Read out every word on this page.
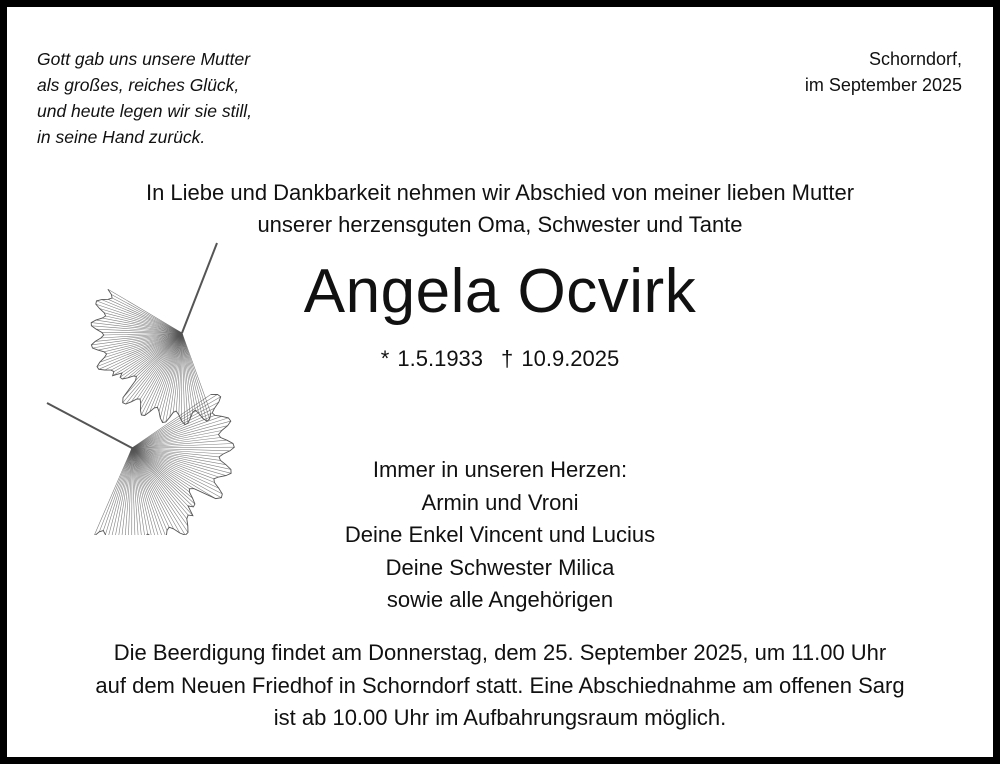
Gott gab uns unsere Mutter
als großes, reiches Glück,
und heute legen wir sie still,
in seine Hand zurück.

Schorndorf,
im September 2025

In Liebe und Dankbarkeit nehmen wir Abschied von meiner lieben Mutter
unserer herzensguten Oma, Schwester und Tante

Angela Ocvirk

* 1.5.1933 † 10.9.2025

Immer in unseren Herzen:
Armin und Vroni
Deine Enkel Vincent und Lucius
Deine Schwester Milica
sowie alle Angehörigen

Die Beerdigung findet am Donnerstag, dem 25. September 2025, um 11.00 Uhr
auf dem Neuen Friedhof in Schorndorf statt. Eine Abschiednahme am offenen Sarg
ist ab 10.00 Uhr im Aufbahrungsraum möglich.
